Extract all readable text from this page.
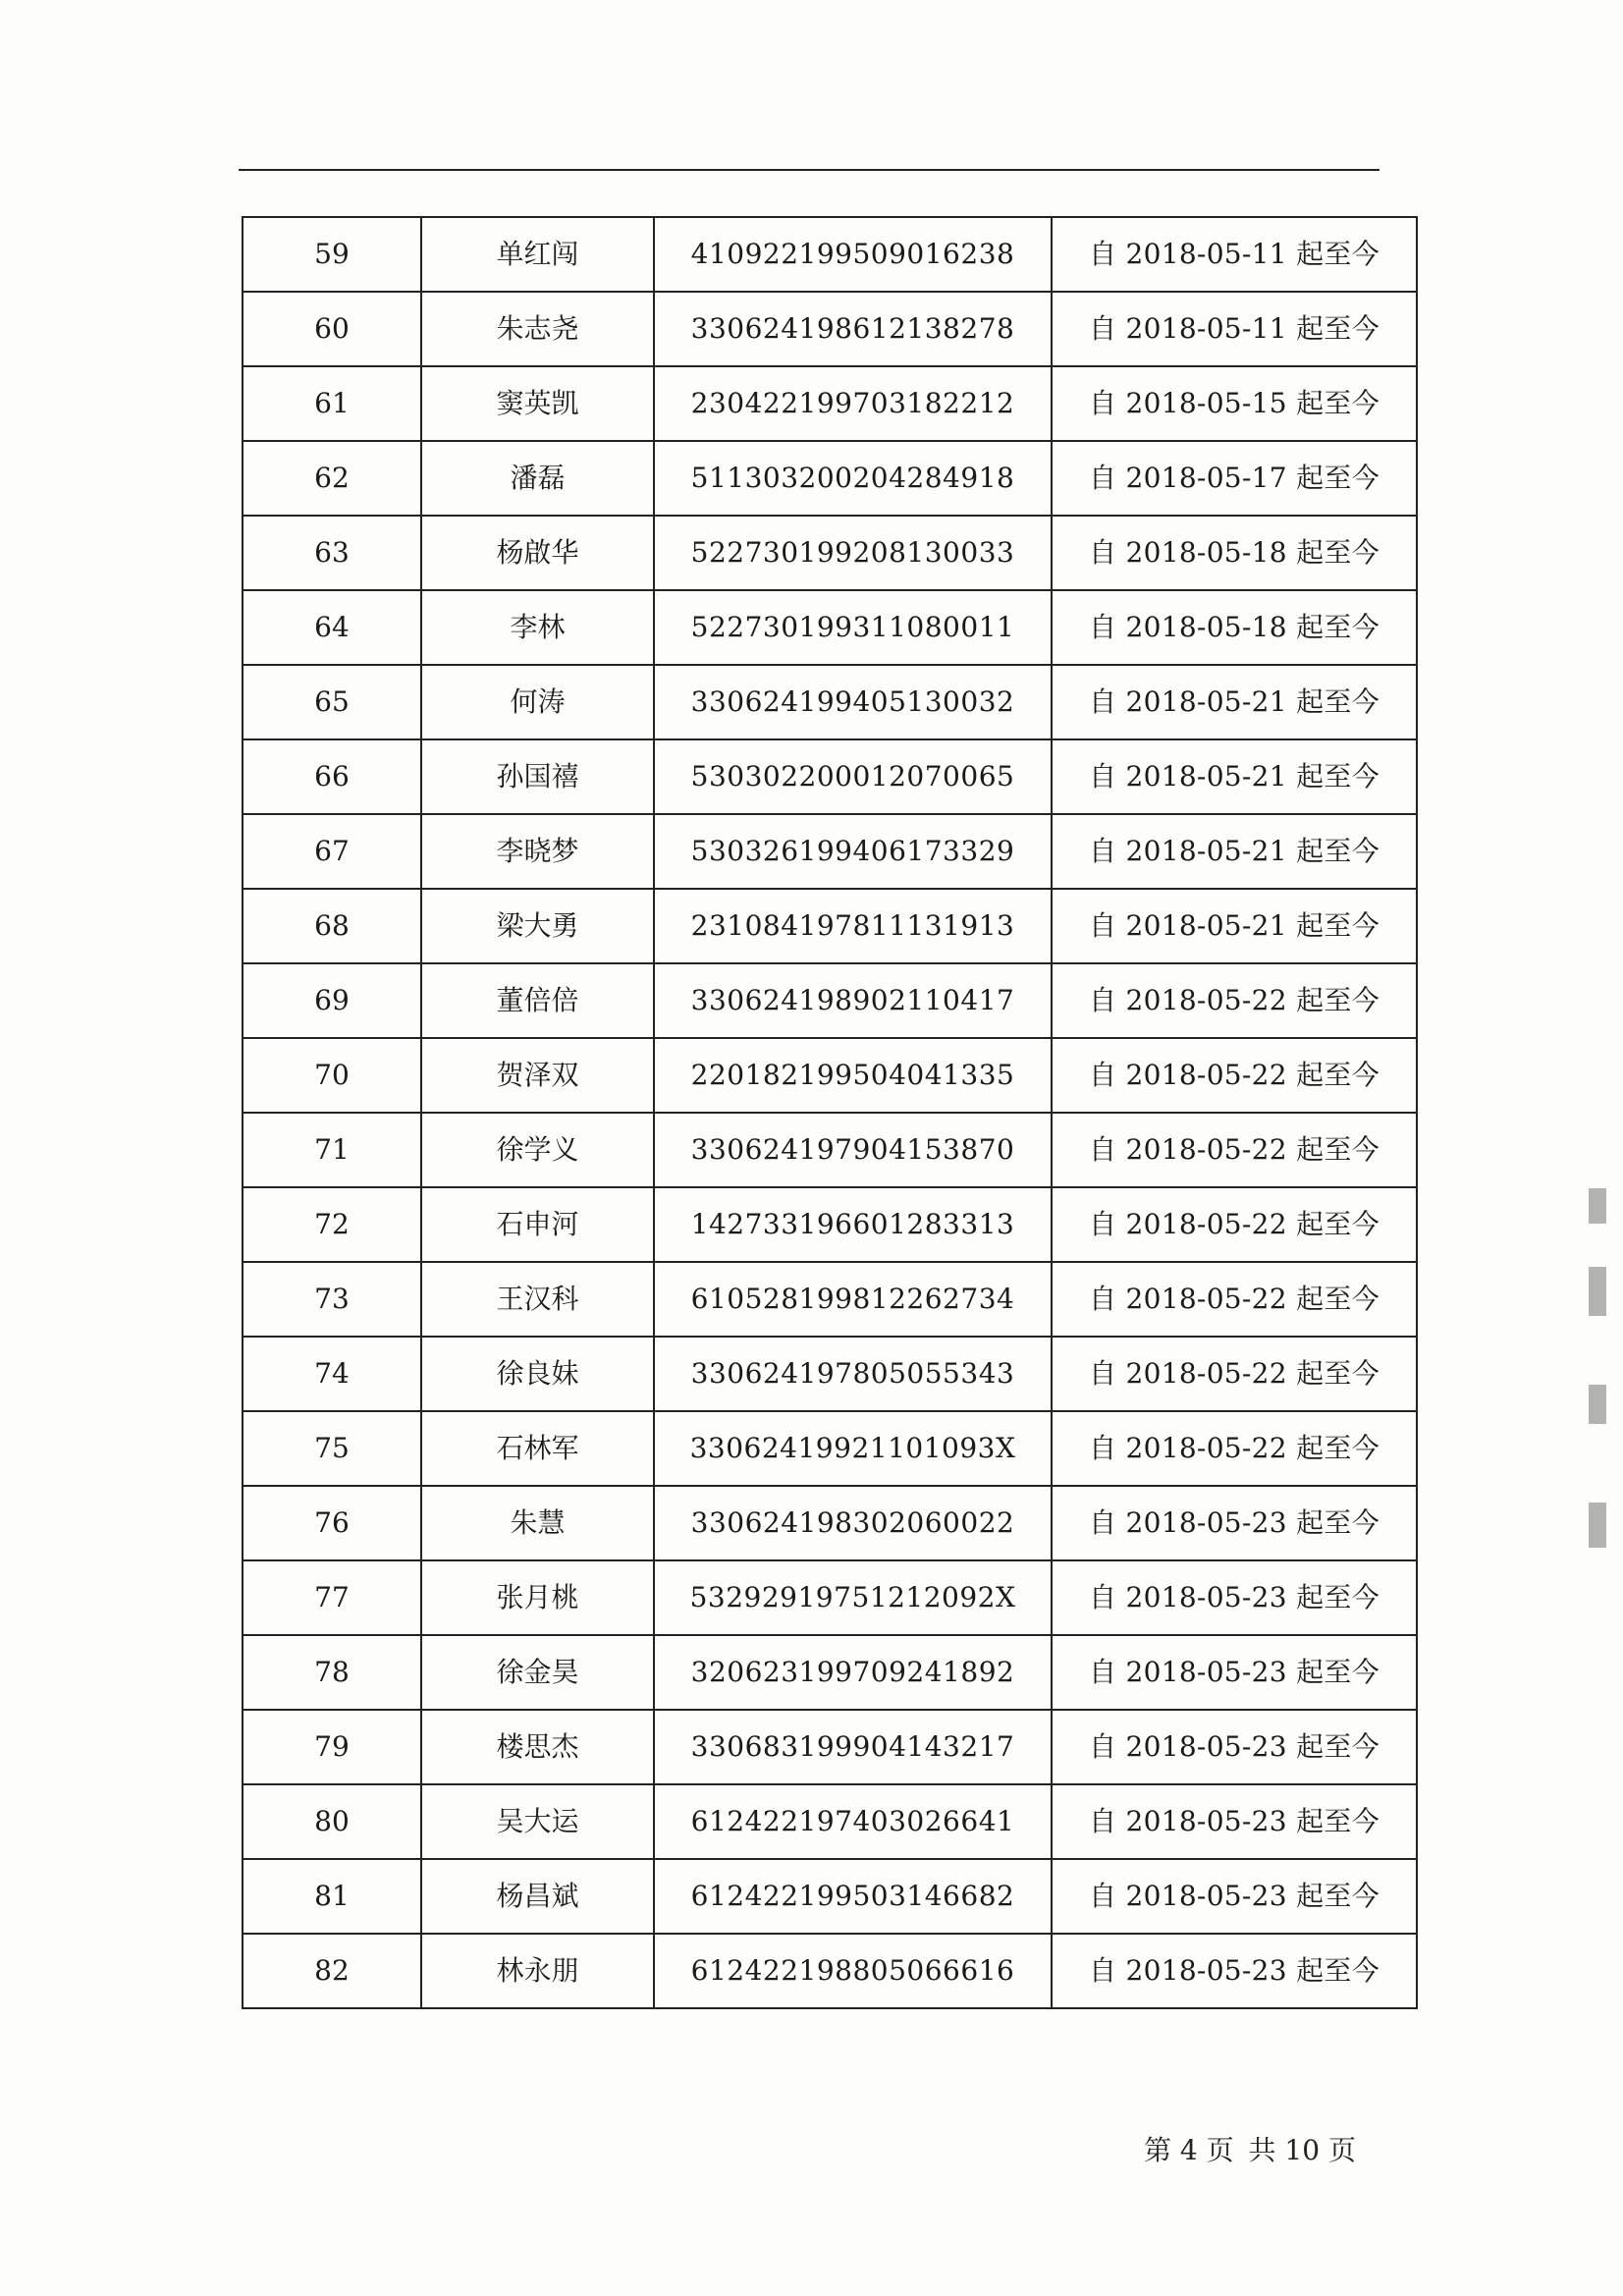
59	单红闯	410922199509016238	自 2018-05-11 起至今
60	朱志尧	330624198612138278	自 2018-05-11 起至今
61	窦英凯	230422199703182212	自 2018-05-15 起至今
62	潘磊	511303200204284918	自 2018-05-17 起至今
63	杨啟华	522730199208130033	自 2018-05-18 起至今
64	李林	522730199311080011	自 2018-05-18 起至今
65	何涛	330624199405130032	自 2018-05-21 起至今
66	孙国禧	530302200012070065	自 2018-05-21 起至今
67	李晓梦	530326199406173329	自 2018-05-21 起至今
68	梁大勇	231084197811131913	自 2018-05-21 起至今
69	董倍倍	330624198902110417	自 2018-05-22 起至今
70	贺泽双	220182199504041335	自 2018-05-22 起至今
71	徐学义	330624197904153870	自 2018-05-22 起至今
72	石申河	142733196601283313	自 2018-05-22 起至今
73	王汉科	610528199812262734	自 2018-05-22 起至今
74	徐良妹	330624197805055343	自 2018-05-22 起至今
75	石林军	33062419921101093X	自 2018-05-22 起至今
76	朱慧	330624198302060022	自 2018-05-23 起至今
77	张月桃	53292919751212092X	自 2018-05-23 起至今
78	徐金昊	320623199709241892	自 2018-05-23 起至今
79	楼思杰	330683199904143217	自 2018-05-23 起至今
80	吴大运	612422197403026641	自 2018-05-23 起至今
81	杨昌斌	612422199503146682	自 2018-05-23 起至今
82	林永朋	612422198805066616	自 2018-05-23 起至今
第 4 页 共 10 页
